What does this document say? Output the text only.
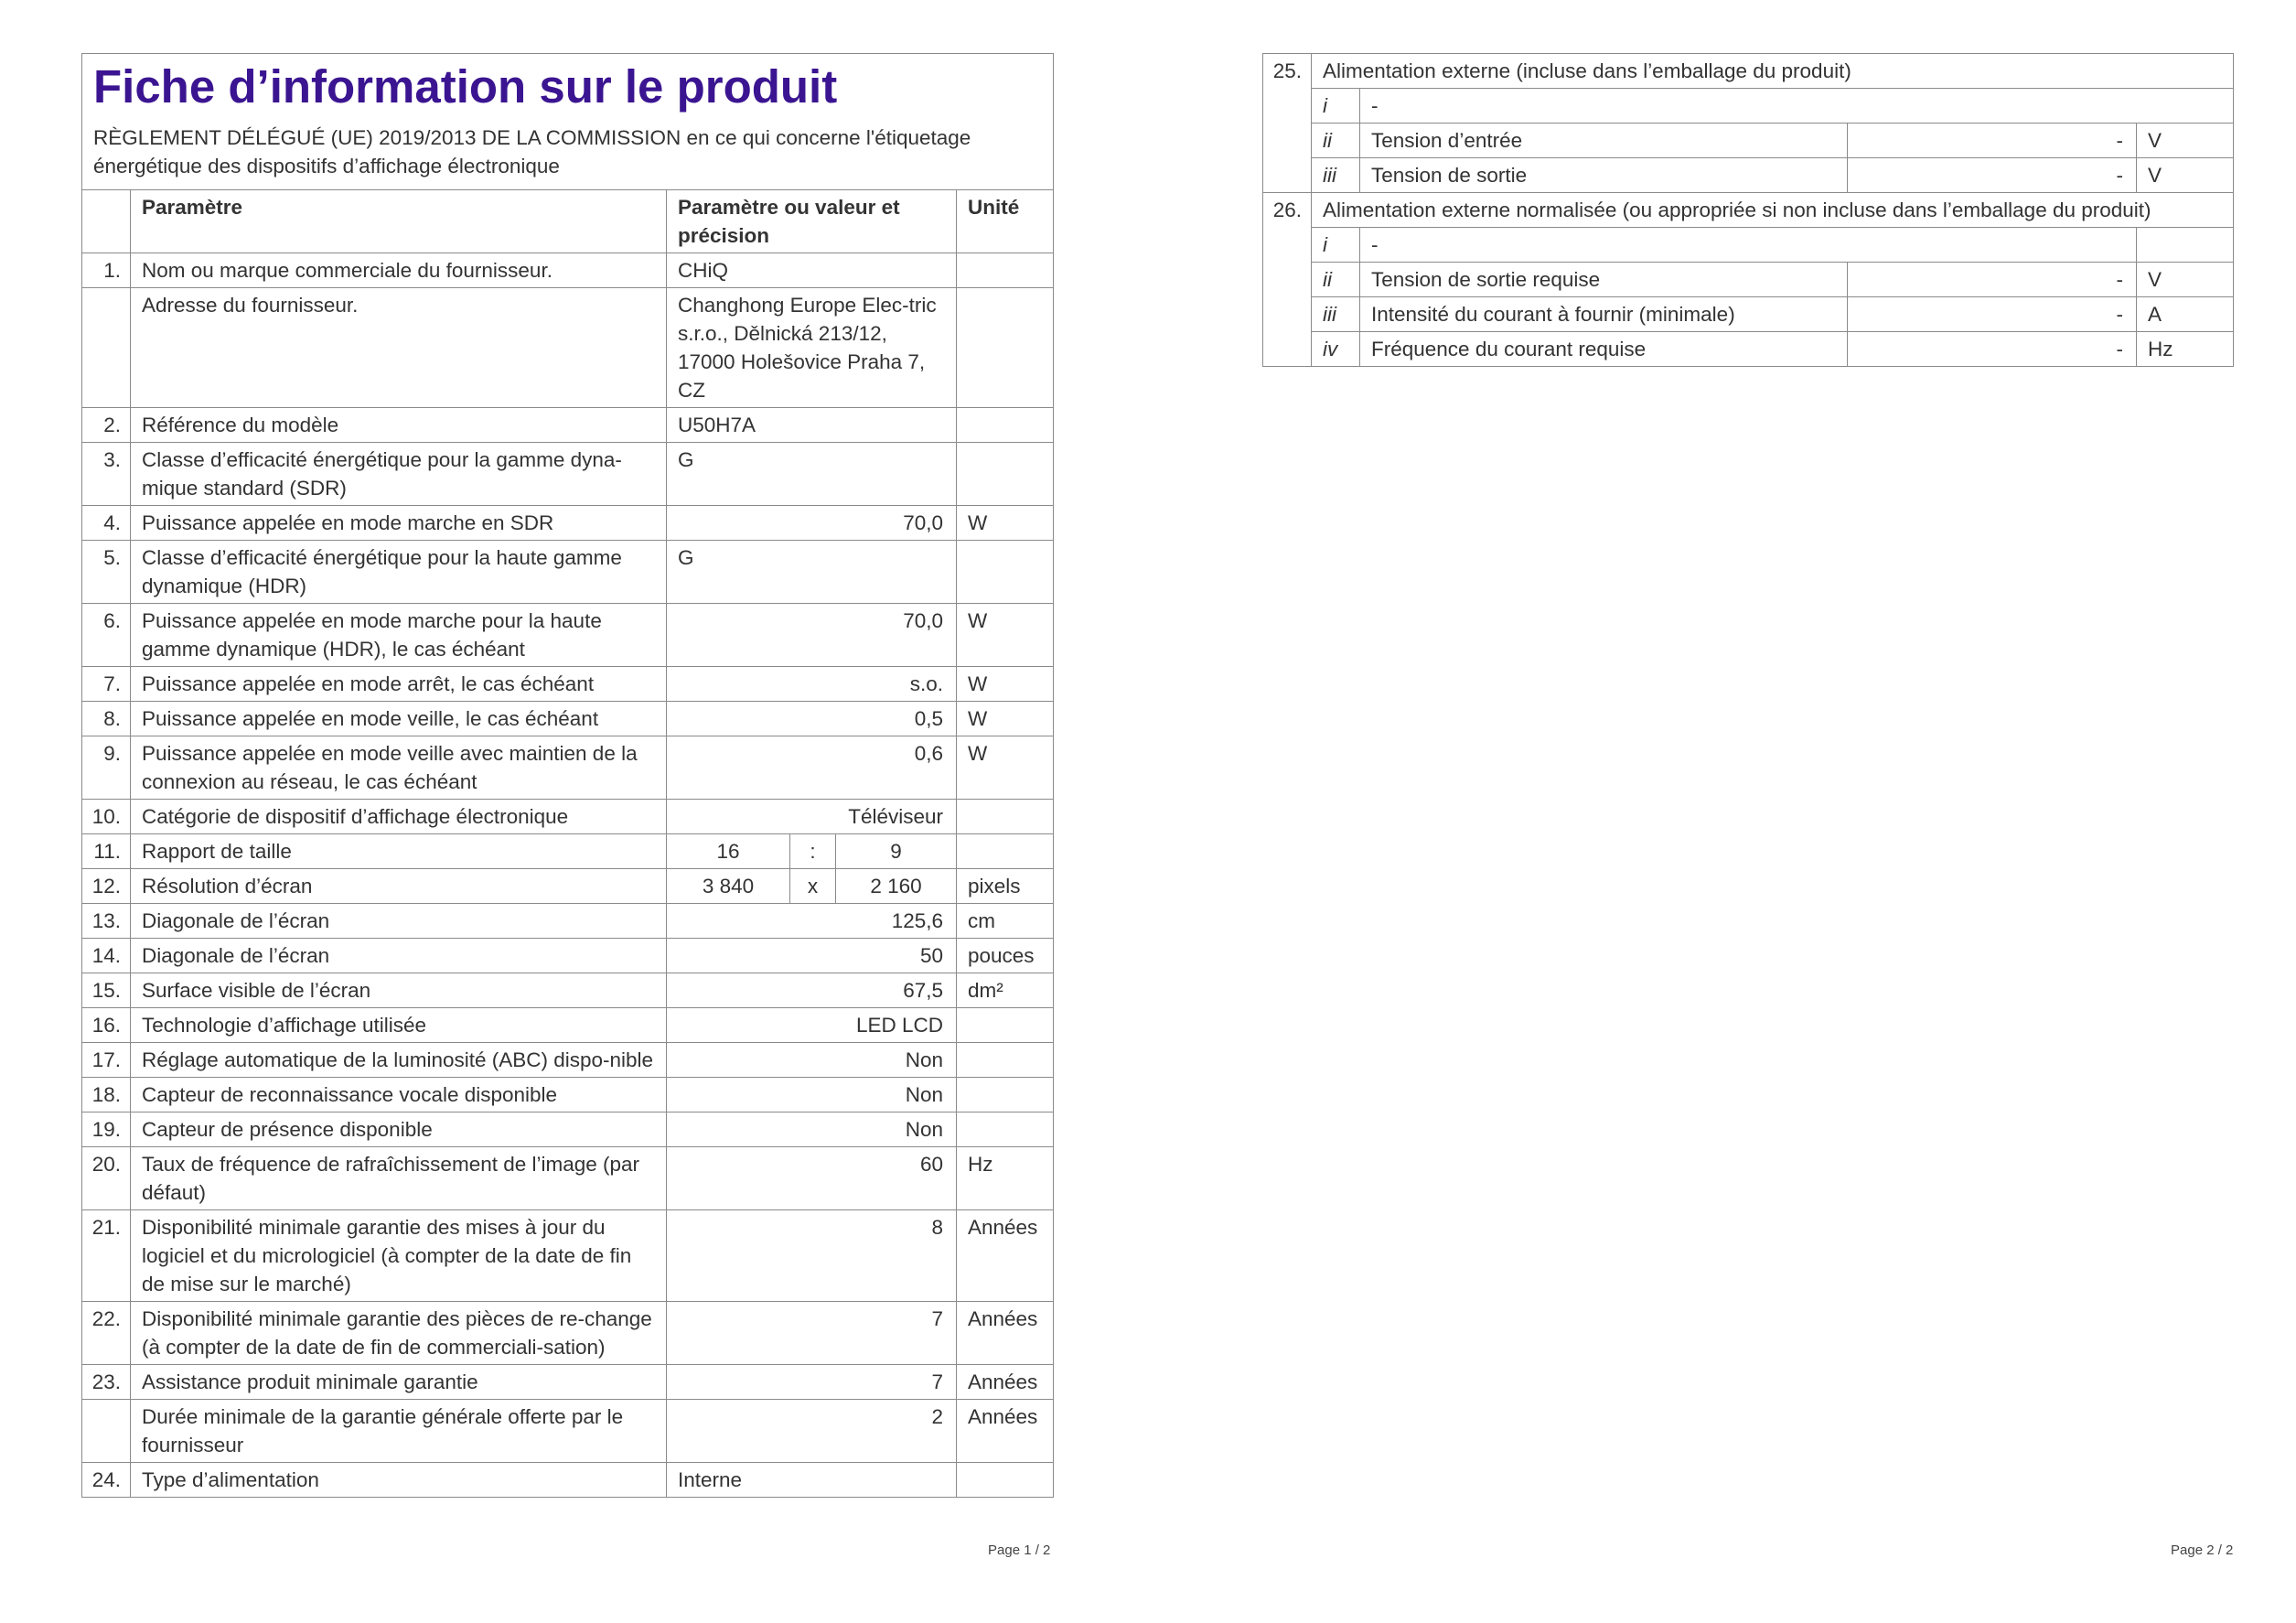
Fiche d’information sur le produit
RÈGLEMENT DÉLÉGUÉ (UE) 2019/2013 DE LA COMMISSION en ce qui concerne l'étiquetage énergétique des dispositifs d’affichage électronique					

	Paramètre	Paramètre ou valeur et précision			Unité
1.	Nom ou marque commerciale du fournisseur.	CHiQ			
	Adresse du fournisseur.	Changhong Europe Elec-tric s.r.o., Dělnická 213/12, 17000 Holešovice Praha 7, CZ			
2.	Référence du modèle	U50H7A			
3.	Classe d’efficacité énergétique pour la gamme dyna-mique standard (SDR)	G			
4.	Puissance appelée en mode marche en SDR	70,0			W
5.	Classe d’efficacité énergétique pour la haute gamme dynamique (HDR)	G			
6.	Puissance appelée en mode marche pour la haute gamme dynamique (HDR), le cas échéant	70,0			W
7.	Puissance appelée en mode arrêt, le cas échéant	s.o.			W
8.	Puissance appelée en mode veille, le cas échéant	0,5			W
9.	Puissance appelée en mode veille avec maintien de la connexion au réseau, le cas échéant	0,6			W
10.	Catégorie de dispositif d’affichage électronique	Téléviseur			
11.	Rapport de taille	16	:	9	
12.	Résolution d’écran	3 840	x	2 160	pixels
13.	Diagonale de l’écran	125,6			cm
14.	Diagonale de l’écran	50			pouces
15.	Surface visible de l’écran	67,5			dm²
16.	Technologie d’affichage utilisée	LED LCD			
17.	Réglage automatique de la luminosité (ABC) dispo-nible	Non			
18.	Capteur de reconnaissance vocale disponible	Non			
19.	Capteur de présence disponible	Non			
20.	Taux de fréquence de rafraîchissement de l’image (par défaut)	60			Hz
21.	Disponibilité minimale garantie des mises à jour du logiciel et du micrologiciel (à compter de la date de fin de mise sur le marché)	8			Années
22.	Disponibilité minimale garantie des pièces de re-change (à compter de la date de fin de commerciali-sation)	7			Années
23.	Assistance produit minimale garantie	7			Années
	Durée minimale de la garantie générale offerte par le fournisseur	2			Années
24.	Type d’alimentation	Interne			
Page 1 / 2
25.	Alimentation externe (incluse dans l’emballage du produit)			
	i	-		
	ii	Tension d’entrée	-	V
	iii	Tension de sortie	-	V
26.	Alimentation externe normalisée (ou appropriée si non incluse dans l’emballage du produit)			
	i	-		
	ii	Tension de sortie requise	-	V
	iii	Intensité du courant à fournir (minimale)	-	A
	iv	Fréquence du courant requise	-	Hz
Page 2 / 2
